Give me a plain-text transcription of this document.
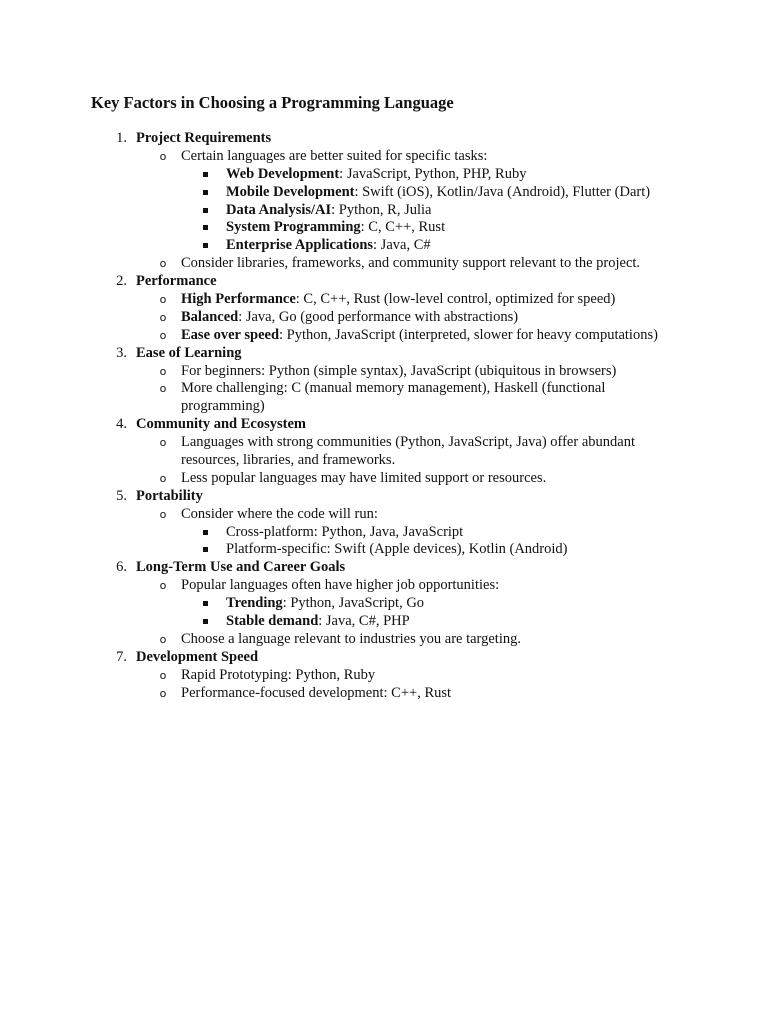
Key Factors in Choosing a Programming Language
1. Project Requirements
o Certain languages are better suited for specific tasks:
Web Development: JavaScript, Python, PHP, Ruby
Mobile Development: Swift (iOS), Kotlin/Java (Android), Flutter (Dart)
Data Analysis/AI: Python, R, Julia
System Programming: C, C++, Rust
Enterprise Applications: Java, C#
o Consider libraries, frameworks, and community support relevant to the project.
2. Performance
o High Performance: C, C++, Rust (low-level control, optimized for speed)
o Balanced: Java, Go (good performance with abstractions)
o Ease over speed: Python, JavaScript (interpreted, slower for heavy computations)
3. Ease of Learning
o For beginners: Python (simple syntax), JavaScript (ubiquitous in browsers)
o More challenging: C (manual memory management), Haskell (functional
programming)
4. Community and Ecosystem
o Languages with strong communities (Python, JavaScript, Java) offer abundant
resources, libraries, and frameworks.
o Less popular languages may have limited support or resources.
5. Portability
o Consider where the code will run:
Cross-platform: Python, Java, JavaScript
Platform-specific: Swift (Apple devices), Kotlin (Android)
6. Long-Term Use and Career Goals
o Popular languages often have higher job opportunities:
Trending: Python, JavaScript, Go
Stable demand: Java, C#, PHP
o Choose a language relevant to industries you are targeting.
7. Development Speed
o Rapid Prototyping: Python, Ruby
o Performance-focused development: C++, Rust
